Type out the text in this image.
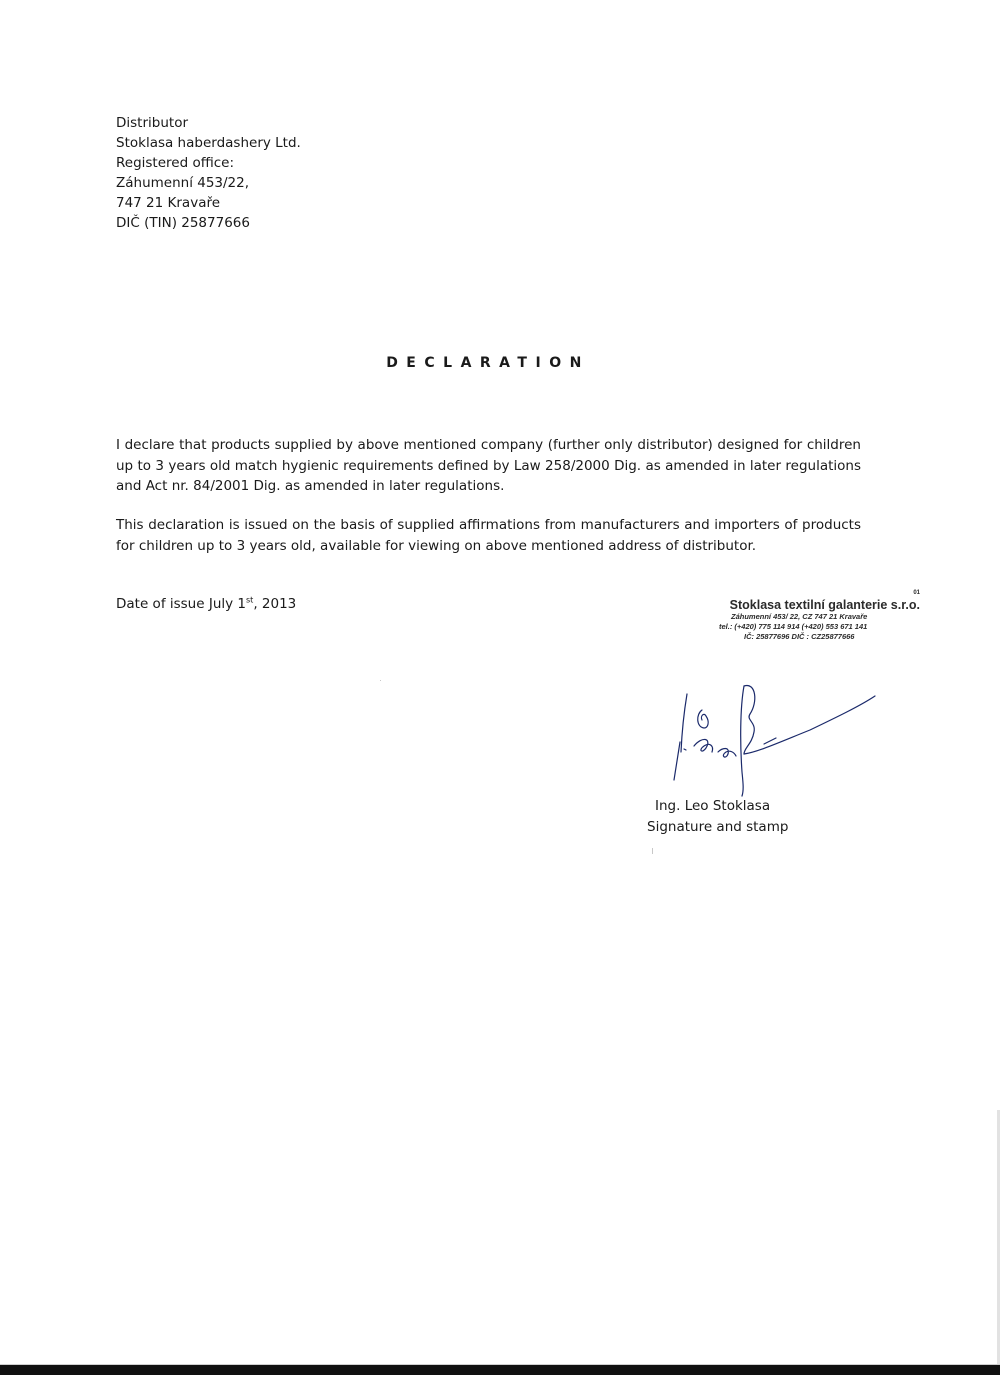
Distributor
Stoklasa haberdashery Ltd.
Registered office:
Záhumenní 453/22,
747 21 Kravaře
DIČ (TIN) 25877666
DECLARATION
I declare that products supplied by above mentioned company (further only distributor) designed for children up to 3 years old match hygienic requirements defined by Law 258/2000 Dig. as amended in later regulations and Act nr. 84/2001 Dig. as amended in later regulations.
This declaration is issued on the basis of supplied affirmations from manufacturers and importers of products for children up to 3 years old, available for viewing on above mentioned address of distributor.
Date of issue July 1st, 2013	Stoklasa textilní galanterie s.r.o.
01
Záhumenní 453/ 22, CZ 747 21 Kravaře
tel.: (+420) 775 114 914 (+420) 553 671 141
IČ: 25877696 DIČ : CZ25877666
Ing. Leo Stoklasa
Signature and stamp
